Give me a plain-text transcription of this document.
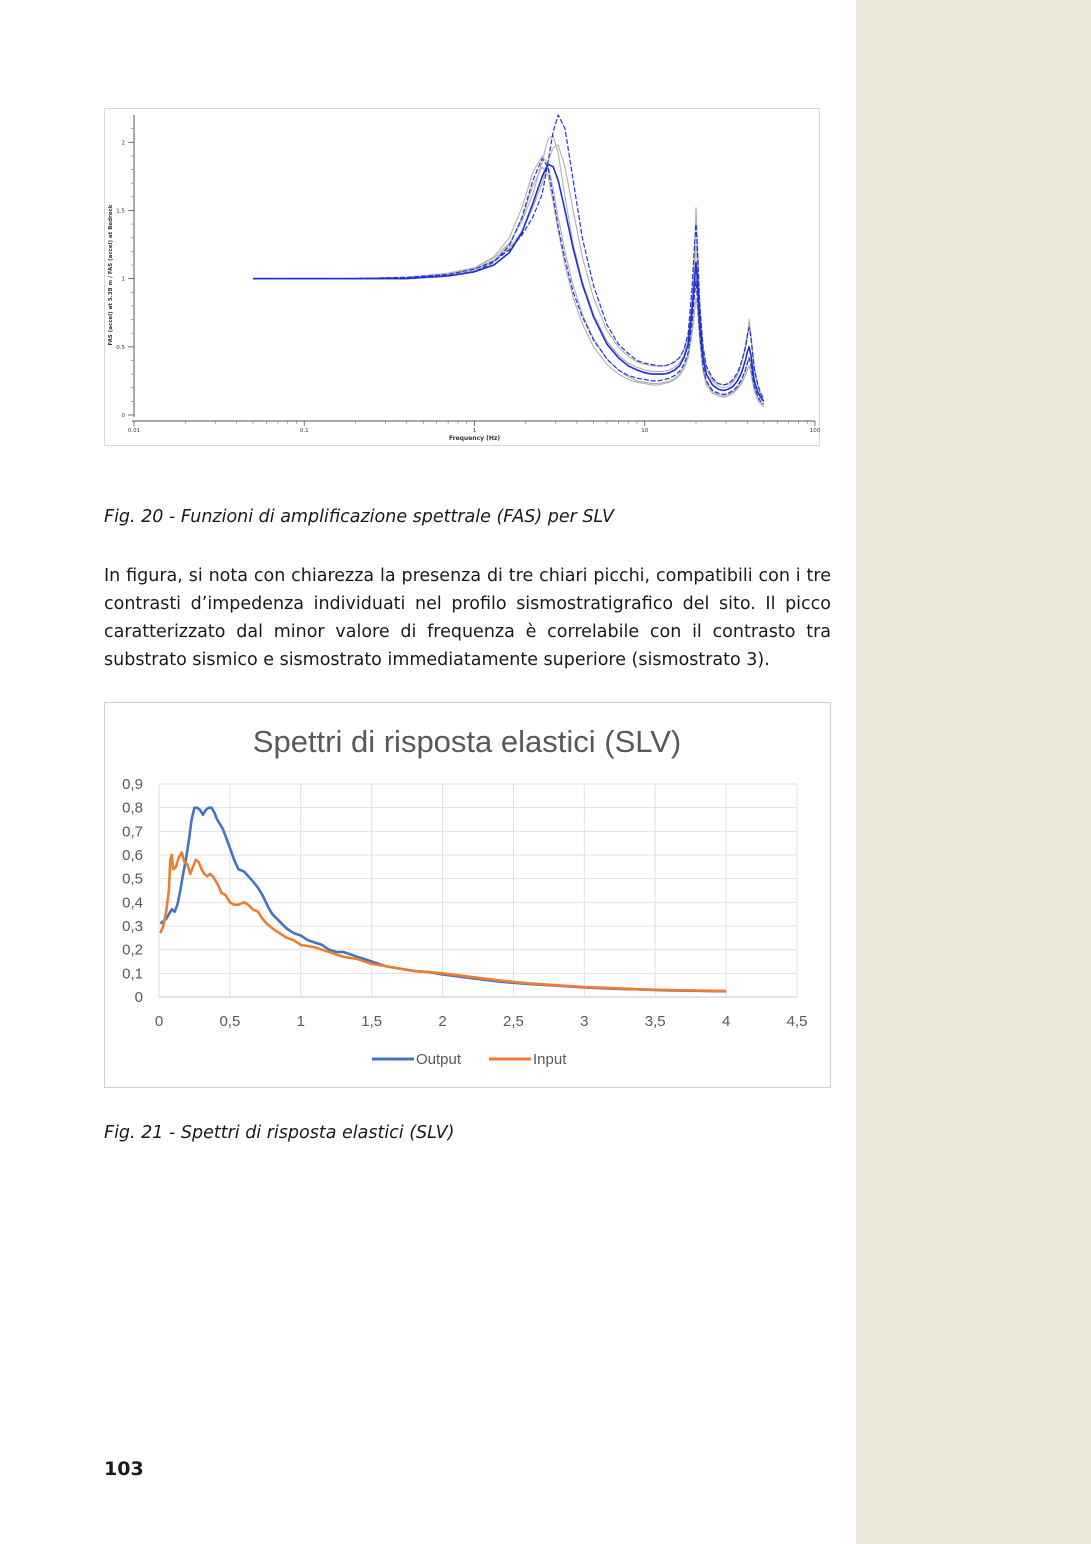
0.01	0.1	1	10	100
0
0.5
1
1.5
2
Frequency (Hz)
FAS (accel) at 5.38 m / FAS (accel) at Bedrock
Fig. 20 - Funzioni di amplificazione spettrale (FAS) per SLV

In figura, si nota con chiarezza la presenza di tre chiari picchi, compatibili con i tre contrasti d’impedenza individuati nel profilo sismostratigrafico del sito. Il picco caratterizzato dal minor valore di frequenza è correlabile con il contrasto tra substrato sismico e sismostrato immediatamente superiore (sismostrato 3).

Spettri di risposta elastici (SLV)
0
0,1
0,2
0,3
0,4
0,5
0,6
0,7
0,8
0,9
0	0,5	1	1,5	2	2,5	3	3,5	4	4,5
Output	Input
Fig. 21 - Spettri di risposta elastici (SLV)
103
